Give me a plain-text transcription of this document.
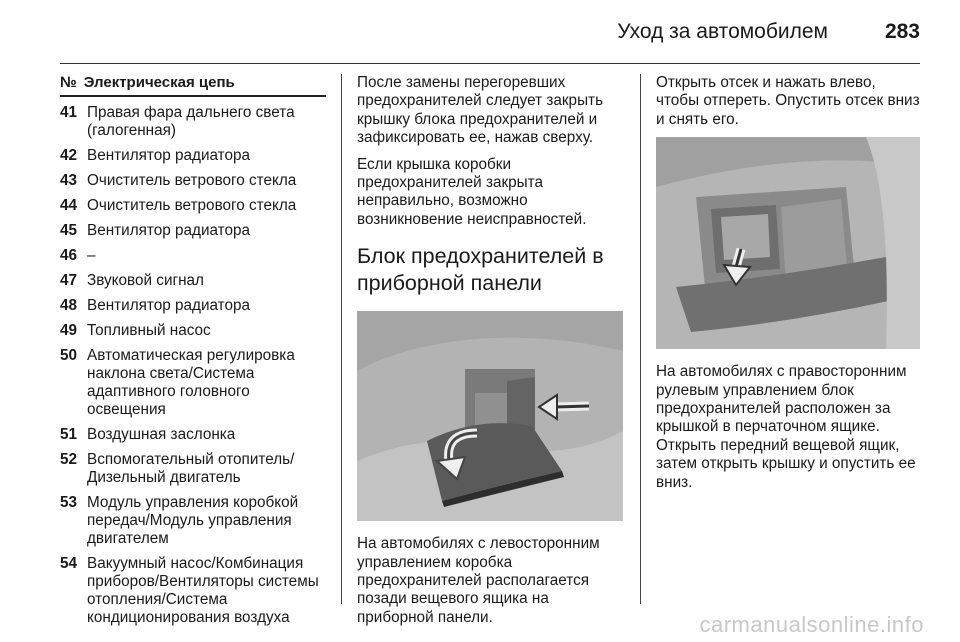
Уход за автомобилем	283
№ Электрическая цепь
41 Правая фара дальнего света (галогенная)
42 Вентилятор радиатора
43 Очиститель ветрового стекла
44 Очиститель ветрового стекла
45 Вентилятор радиатора
46 –
47 Звуковой сигнал
48 Вентилятор радиатора
49 Топливный насос
50 Автоматическая регулировка наклона света/Система адаптивного головного освещения
51 Воздушная заслонка
52 Вспомогательный отопитель/ Дизельный двигатель
53 Модуль управления коробкой передач/Модуль управления двигателем
54 Вакуумный насос/Комбинация приборов/Вентиляторы системы отопления/Система кондиционирования воздуха

После замены перегоревших предохранителей следует закрыть крышку блока предохранителей и зафиксировать ее, нажав сверху.

Если крышка коробки предохранителей закрыта неправильно, возможно возникновение неисправностей.

Блок предохранителей в приборной панели

На автомобилях с левосторонним управлением коробка предохранителей располагается позади вещевого ящика на приборной панели.

Открыть отсек и нажать влево, чтобы отпереть. Опустить отсек вниз и снять его.

На автомобилях с правосторонним рулевым управлением блок предохранителей расположен за крышкой в перчаточном ящике. Открыть передний вещевой ящик, затем открыть крышку и опустить ее вниз.

carmanualsonline.info
